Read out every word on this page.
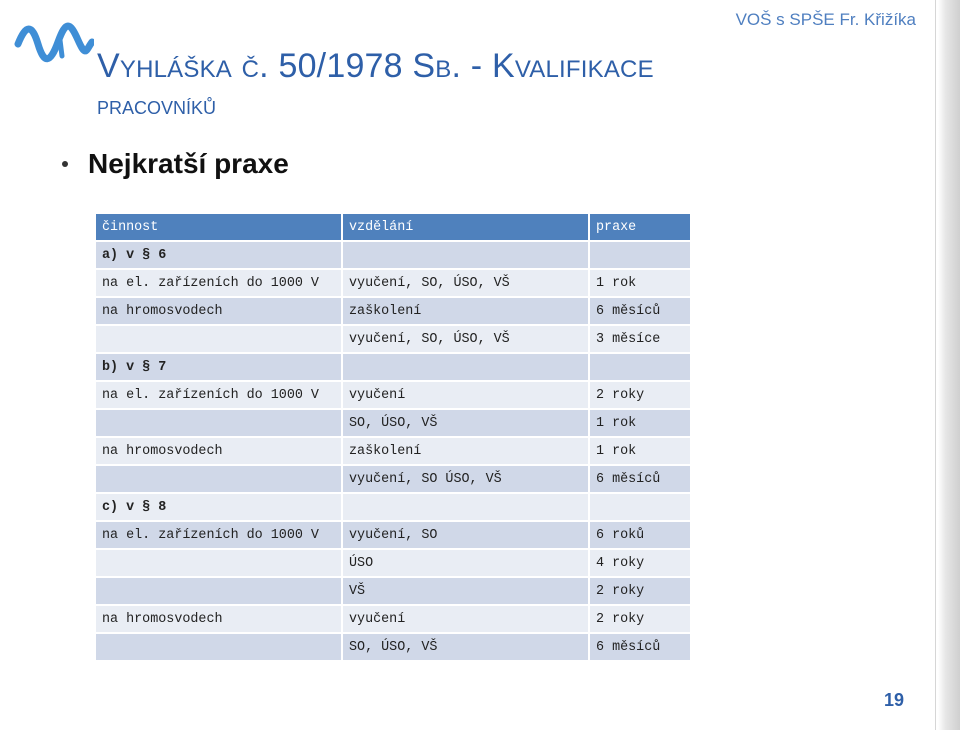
VOŠ s SPŠE Fr. Křižíka
Vyhláška č. 50/1978 Sb. - Kvalifikace
pracovníků
Nejkratší praxe
činnost	vzdělání	praxe
a) v § 6		
na el. zařízeních do 1000 V	vyučení, SO, ÚSO, VŠ	1 rok
na hromosvodech	zaškolení	6 měsíců
	vyučení, SO, ÚSO, VŠ	3 měsíce
b) v § 7		
na el. zařízeních do 1000 V	vyučení	2 roky
	SO, ÚSO, VŠ	1 rok
na hromosvodech	zaškolení	1 rok
	vyučení, SO ÚSO, VŠ	6 měsíců
c) v § 8		
na el. zařízeních do 1000 V	vyučení, SO	6 roků
	ÚSO	4 roky
	VŠ	2 roky
na hromosvodech	vyučení	2 roky
	SO, ÚSO, VŠ	6 měsíců
19
